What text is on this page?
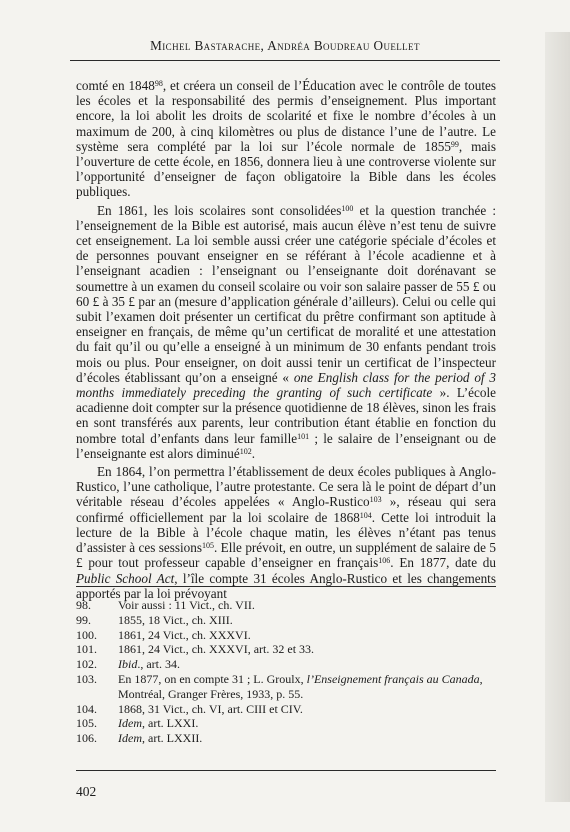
Michel Bastarache, Andréa Boudreau Ouellet

comté en 1848$^{98}$, et créera un conseil de l’Éducation avec le contrôle de toutes les écoles et la responsabilité des permis d’enseignement. Plus important encore, la loi abolit les droits de scolarité et fixe le nombre d’écoles à un maximum de 200, à cinq kilomètres ou plus de distance l’une de l’autre. Le système sera complété par la loi sur l’école normale de 1855$^{99}$, mais l’ouverture de cette école, en 1856, donnera lieu à une controverse violente sur l’opportunité d’enseigner de façon obligatoire la Bible dans les écoles publiques.

En 1861, les lois scolaires sont consolidées$^{100}$ et la question tranchée : l’enseignement de la Bible est autorisé, mais aucun élève n’est tenu de suivre cet enseignement. La loi semble aussi créer une catégorie spéciale d’écoles et de personnes pouvant enseigner en se référant à l’école acadienne et à l’enseignant acadien : l’enseignant ou l’enseignante doit dorénavant se soumettre à un examen du conseil scolaire ou voir son salaire passer de 55 £ ou 60 £ à 35 £ par an (mesure d’application générale d’ailleurs). Celui ou celle qui subit l’examen doit présenter un certificat du prêtre confirmant son aptitude à enseigner en français, de même qu’un certificat de moralité et une attestation du fait qu’il ou qu’elle a enseigné à un minimum de 30 enfants pendant trois mois ou plus. Pour enseigner, on doit aussi tenir un certificat de l’inspecteur d’écoles établissant qu’on a enseigné « one English class for the period of 3 months immediately preceding the granting of such certificate ». L’école acadienne doit compter sur la présence quotidienne de 18 élèves, sinon les frais en sont transférés aux parents, leur contribution étant établie en fonction du nombre total d’enfants dans leur famille$^{101}$ ; le salaire de l’enseignant ou de l’enseignante est alors diminué$^{102}$.

En 1864, l’on permettra l’établissement de deux écoles publiques à Anglo-Rustico, l’une catholique, l’autre protestante. Ce sera là le point de départ d’un véritable réseau d’écoles appelées « Anglo-Rustico$^{103}$ », réseau qui sera confirmé officiellement par la loi scolaire de 1868$^{104}$. Cette loi introduit la lecture de la Bible à l’école chaque matin, les élèves n’étant pas tenus d’assister à ces sessions$^{105}$. Elle prévoit, en outre, un supplément de salaire de 5 £ pour tout professeur capable d’enseigner en français$^{106}$. En 1877, date du Public School Act, l’île compte 31 écoles Anglo-Rustico et les changements apportés par la loi prévoyant

98.	Voir aussi : 11 Vict., ch. VII.
99.	1855, 18 Vict., ch. XIII.
100.	1861, 24 Vict., ch. XXXVI.
101.	1861, 24 Vict., ch. XXXVI, art. 32 et 33.
102.	Ibid., art. 34.
103.	En 1877, on en compte 31 ; L. Groulx, l’Enseignement français au Canada, Montréal, Granger Frères, 1933, p. 55.
104.	1868, 31 Vict., ch. VI, art. CIII et CIV.
105.	Idem, art. LXXI.
106.	Idem, art. LXXII.
402
